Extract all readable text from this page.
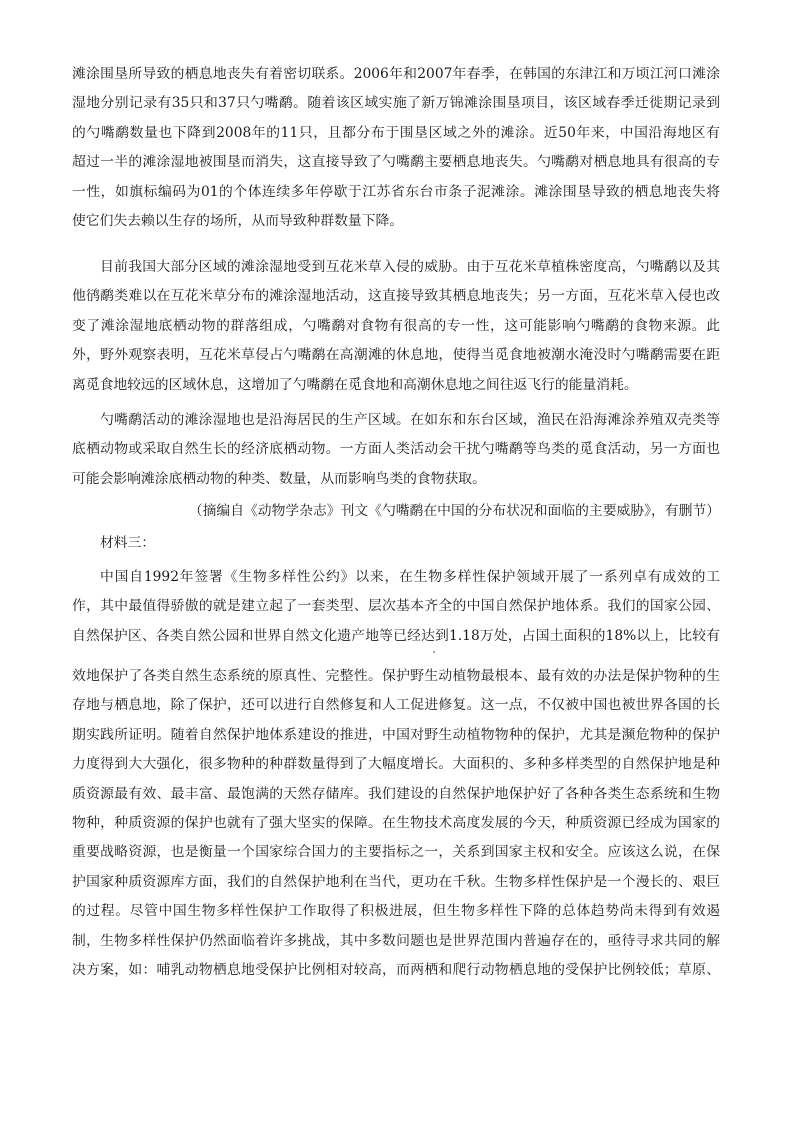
滩涂围垦所导致的栖息地丧失有着密切联系。2006年和2007年春季，在韩国的东津江和万顷江河口滩涂
湿地分别记录有35只和37只勺嘴鹬。随着该区域实施了新万锦滩涂围垦项目，该区域春季迁徙期记录到
的勺嘴鹬数量也下降到2008年的11只，且都分布于围垦区域之外的滩涂。近50年来，中国沿海地区有
超过一半的滩涂湿地被围垦而消失，这直接导致了勺嘴鹬主要栖息地丧失。勺嘴鹬对栖息地具有很高的专
一性，如旗标编码为01的个体连续多年停歇于江苏省东台市条子泥滩涂。滩涂围垦导致的栖息地丧失将
使它们失去赖以生存的场所，从而导致种群数量下降。
目前我国大部分区域的滩涂湿地受到互花米草入侵的威胁。由于互花米草植株密度高，勺嘴鹬以及其
他鸻鹬类难以在互花米草分布的滩涂湿地活动，这直接导致其栖息地丧失；另一方面，互花米草入侵也改
变了滩涂湿地底栖动物的群落组成，勺嘴鹬对食物有很高的专一性，这可能影响勺嘴鹬的食物来源。此
外，野外观察表明，互花米草侵占勺嘴鹬在高潮滩的休息地，使得当觅食地被潮水淹没时勺嘴鹬需要在距
离觅食地较远的区域休息，这增加了勺嘴鹬在觅食地和高潮休息地之间往返飞行的能量消耗。
勺嘴鹬活动的滩涂湿地也是沿海居民的生产区域。在如东和东台区域，渔民在沿海滩涂养殖双壳类等
底栖动物或采取自然生长的经济底栖动物。一方面人类活动会干扰勺嘴鹬等鸟类的觅食活动，另一方面也
可能会影响滩涂底栖动物的种类、数量，从而影响鸟类的食物获取。
（摘编自《动物学杂志》刊文《勺嘴鹬在中国的分布状况和面临的主要威胁》，有删节）
材料三：
中国自1992年签署《生物多样性公约》以来，在生物多样性保护领域开展了一系列卓有成效的工
作，其中最值得骄傲的就是建立起了一套类型、层次基本齐全的中国自然保护地体系。我们的国家公园、
自然保护区、各类自然公园和世界自然文化遗产地等已经达到1.18万处，占国土面积的18%以上，比较有
效地保护了各类自然生态系统的原真性、完整性。保护野生动植物最根本、最有效的办法是保护物种的生
存地与栖息地，除了保护，还可以进行自然修复和人工促进修复。这一点，不仅被中国也被世界各国的长
期实践所证明。随着自然保护地体系建设的推进，中国对野生动植物物种的保护，尤其是濒危物种的保护
力度得到大大强化，很多物种的种群数量得到了大幅度增长。大面积的、多种多样类型的自然保护地是种
质资源最有效、最丰富、最饱满的天然存储库。我们建设的自然保护地保护好了各种各类生态系统和生物
物种，种质资源的保护也就有了强大坚实的保障。在生物技术高度发展的今天，种质资源已经成为国家的
重要战略资源，也是衡量一个国家综合国力的主要指标之一，关系到国家主权和安全。应该这么说，在保
护国家种质资源库方面，我们的自然保护地利在当代，更功在千秋。生物多样性保护是一个漫长的、艰巨
的过程。尽管中国生物多样性保护工作取得了积极进展，但生物多样性下降的总体趋势尚未得到有效遏
制，生物多样性保护仍然面临着许多挑战，其中多数问题也是世界范围内普遍存在的，亟待寻求共同的解
决方案，如：哺乳动物栖息地受保护比例相对较高，而两栖和爬行动物栖息地的受保护比例较低；草原、
